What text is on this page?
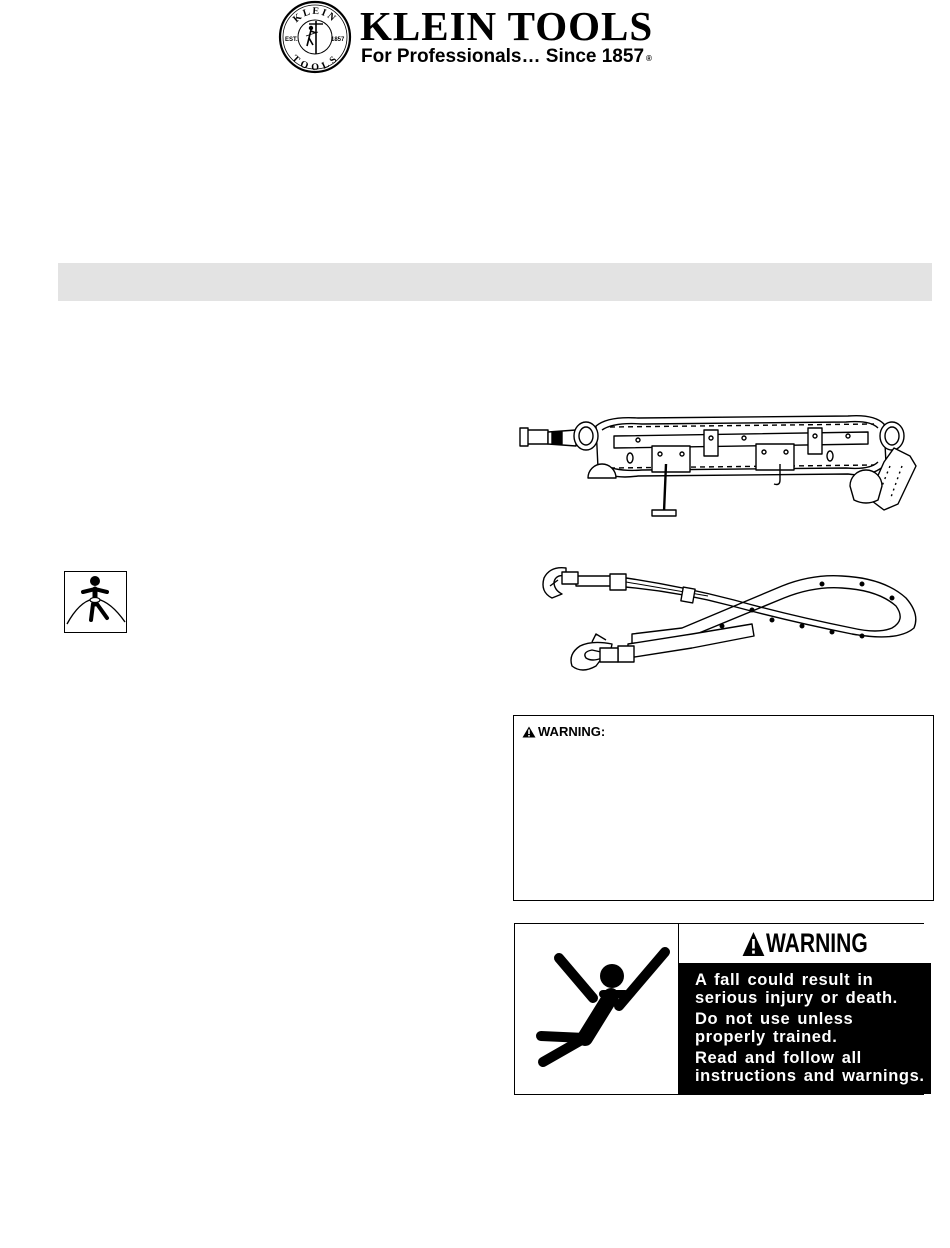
KLEIN
TOOLS
EST.	1857 KLEIN TOOLS
For Professionals… Since 1857 ®
WARNING:
WARNING
A fall could result in
serious injury or death.
Do not use unless
properly trained.
Read and follow all
instructions and warnings.
